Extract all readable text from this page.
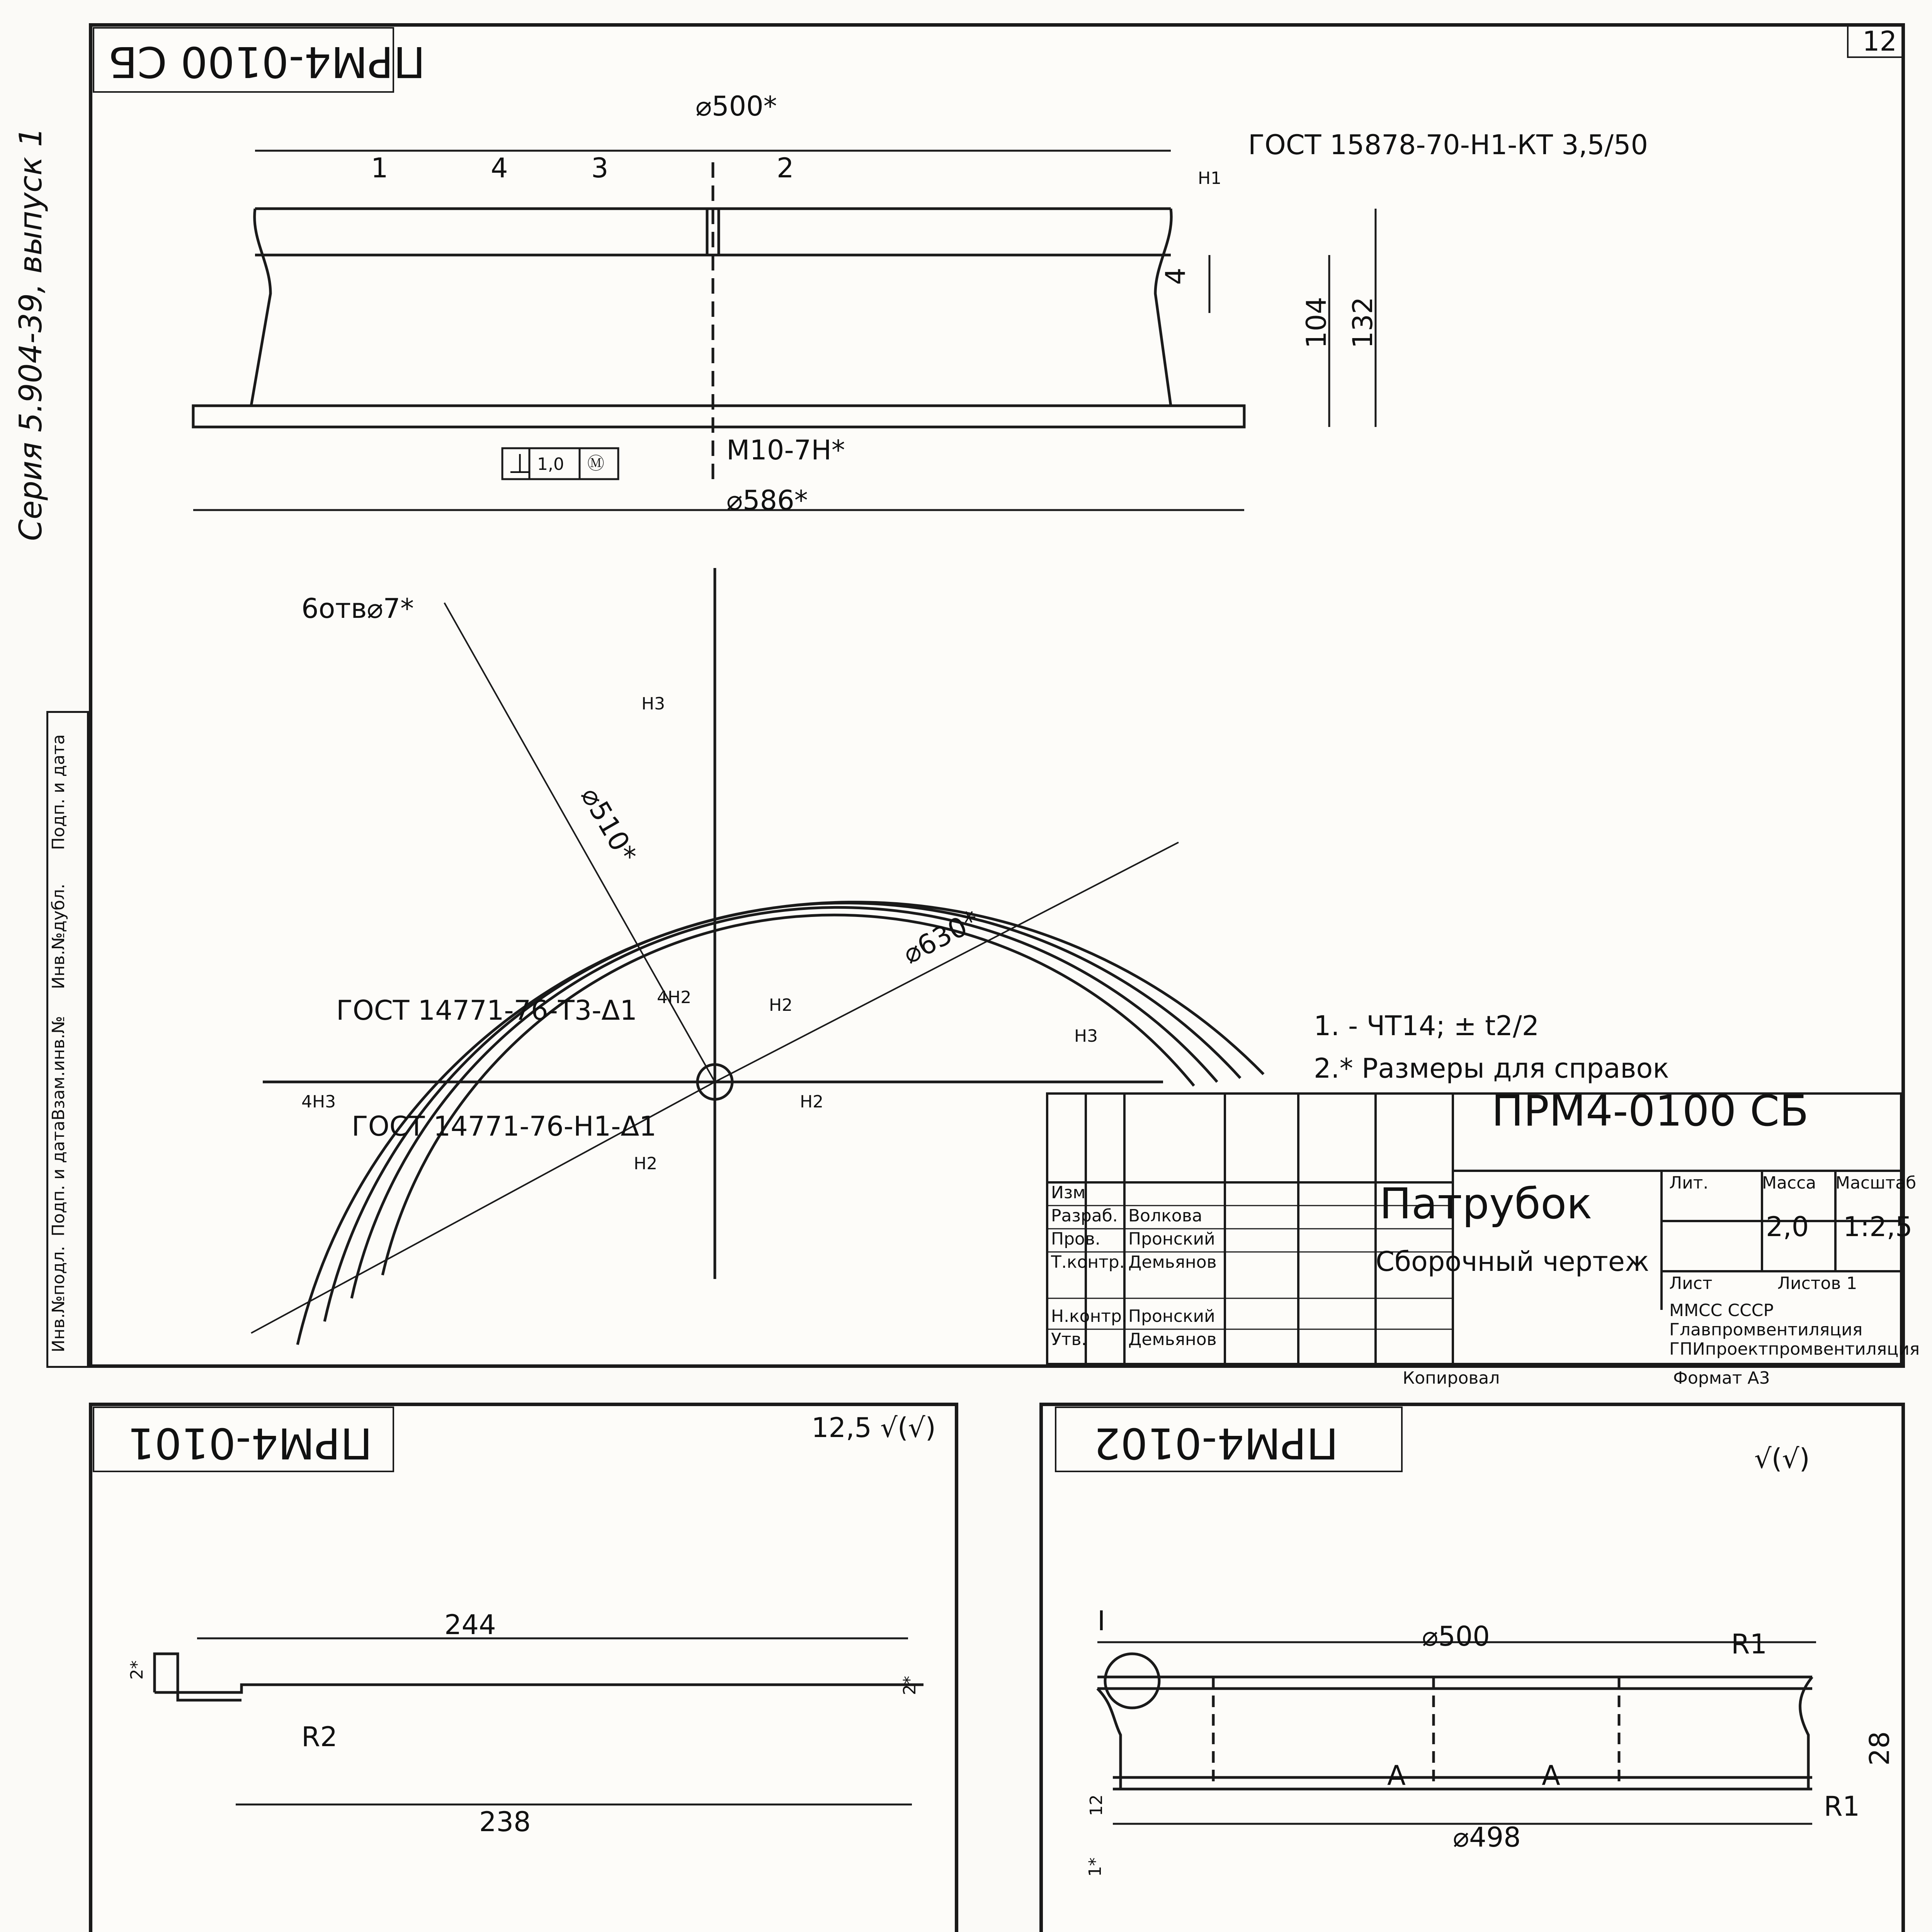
12
ПРМ4-0100 СБ
Серия 5.904-39, выпуск 1
Подп. и дата
Инв.№дубл.
Взам.инв.№
Подп. и дата
Инв.№подл.
⌀500*
⌀586*
104 132
4
М10-7Н*
⊥ 1,0 Ⓜ
ГОСТ 15878-70-Н1-КТ 3,5/50
6отв⌀7*
⌀510*
⌀630*
ГОСТ 14771-76-Т3-Δ1
ГОСТ 14771-76-Н1-Δ1
Н1
Н2
Н2
Н2
Н3
Н3
4Н2
4Н3
1	4	3	2
1. - ЧТ14; ± t2/2
2.* Размеры для справок
ПРМ4-0100 СБ
Патрубок
Сборочный чертеж
Лит.	Масса Масштаб
2,0 1:2,5
Лист	Листов 1
ММСС СССР
Главпромвентиляция
ГПИпроектпромвентиляция
Изм
Разраб. Волкова
Пров. Пронский
Т.контр. Демьянов
Н.контр. Пронский
Утв. Демьянов
Копировал	Формат А3
ПРМ4-0101	12,5 √(√)
244
238
R2
2*
2*
ПРМ4-0102	√(√)
⌀500
⌀498
28
12
1*
R1
R1
А	А
I
